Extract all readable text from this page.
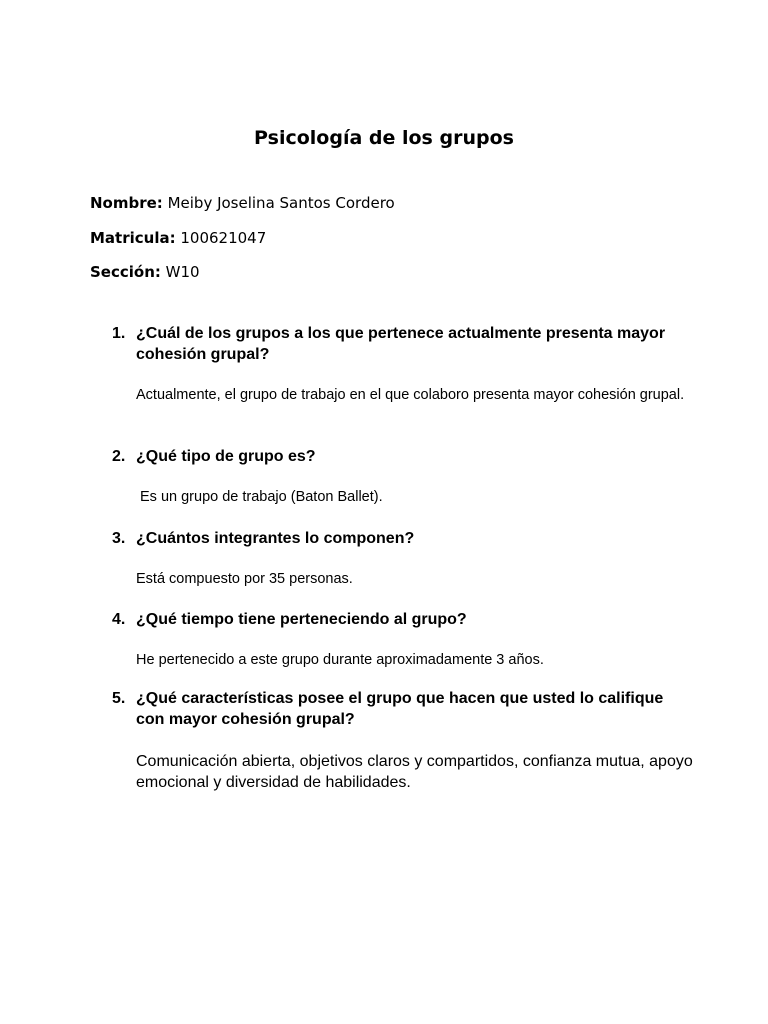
Psicología de los grupos
Nombre: Meiby Joselina Santos Cordero
Matricula: 100621047
Sección: W10
1. ¿Cuál de los grupos a los que pertenece actualmente presenta mayor cohesión grupal?
Actualmente, el grupo de trabajo en el que colaboro presenta mayor cohesión grupal.
2. ¿Qué tipo de grupo es?
Es un grupo de trabajo (Baton Ballet).
3. ¿Cuántos integrantes lo componen?
Está compuesto por 35 personas.
4. ¿Qué tiempo tiene perteneciendo al grupo?
He pertenecido a este grupo durante aproximadamente 3 años.
5. ¿Qué características posee el grupo que hacen que usted lo califique con mayor cohesión grupal?
Comunicación abierta, objetivos claros y compartidos, confianza mutua, apoyo emocional y diversidad de habilidades.
